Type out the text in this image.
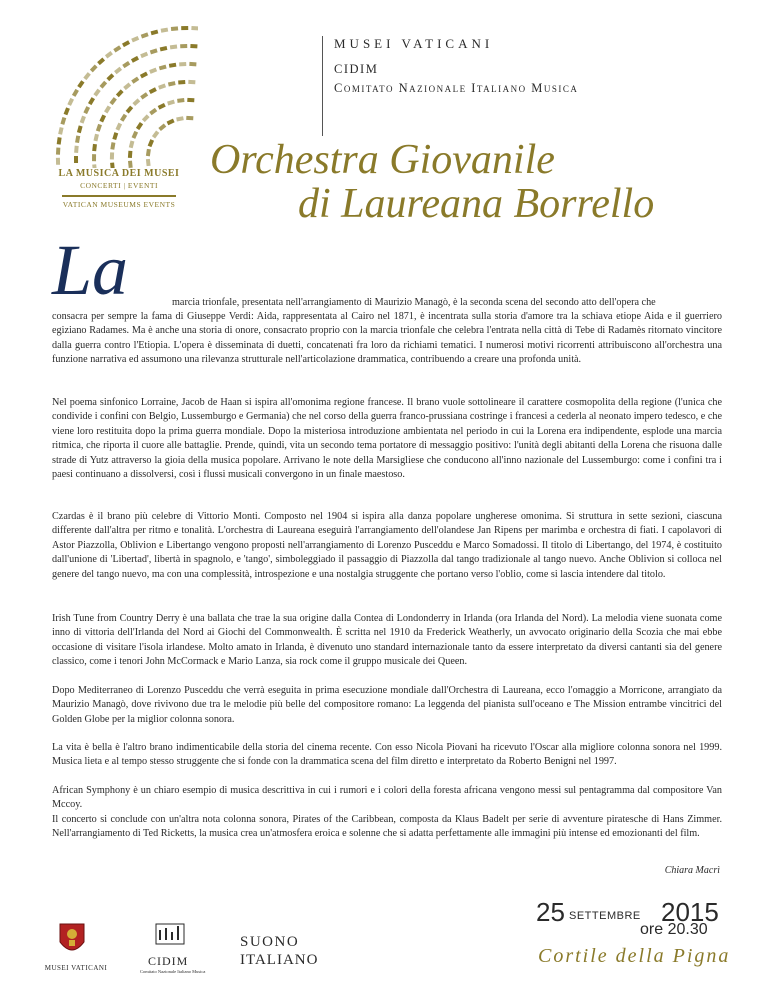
LA MUSICA DEI MUSEI
CONCERTI | EVENTI
VATICAN MUSEUMS EVENTS
MUSEI VATICANI
CIDIM
Comitato Nazionale Italiano Musica
Orchestra Giovanile
di Laureana Borrello
La	marcia trionfale, presentata nell'arrangiamento di Maurizio Managò, è la seconda scena del secondo atto dell'opera che
consacra per sempre la fama di Giuseppe Verdi: Aida, rappresentata al Cairo nel 1871, è incentrata sulla storia d'amore tra la schiava etiope Aida e il guerriero egiziano Radames. Ma è anche una storia di onore, consacrato proprio con la marcia trionfale che celebra l'entrata nella città di Tebe di Radamès ritornato vincitore dalla guerra contro l'Etiopia. L'opera è disseminata di duetti, concatenati fra loro da richiami tematici. I numerosi motivi ricorrenti attribuiscono all'orchestra una funzione narrativa ed assumono una rilevanza strutturale nell'articolazione drammatica, contribuendo a creare una profonda unità.
Nel poema sinfonico Lorraine, Jacob de Haan si ispira all'omonima regione francese. Il brano vuole sottolineare il carattere cosmopolita della regione (l'unica che condivide i confini con Belgio, Lussemburgo e Germania) che nel corso della guerra franco-prussiana costringe i francesi a cederla al neonato impero tedesco, e che viene loro restituita dopo la prima guerra mondiale. Dopo la misteriosa introduzione ambientata nel periodo in cui la Lorena era indipendente, esplode una marcia ritmica, che riporta il cuore alle battaglie. Prende, quindi, vita un secondo tema portatore di messaggio positivo: l'unità degli abitanti della Lorena che risuona dalle strade di Yutz attraverso la gioia della musica popolare. Arrivano le note della Marsigliese che conducono all'inno nazionale del Lussemburgo: come i confini tra i paesi continuano a dissolversi, così i flussi musicali convergono in un finale maestoso.
Czardas è il brano più celebre di Vittorio Monti. Composto nel 1904 si ispira alla danza popolare ungherese omonima. Si struttura in sette sezioni, ciascuna differente dall'altra per ritmo e tonalità. L'orchestra di Laureana eseguirà l'arrangiamento dell'olandese Jan Ripens per marimba e orchestra di fiati. I capolavori di Astor Piazzolla, Oblivion e Libertango vengono proposti nell'arrangiamento di Lorenzo Pusceddu e Marco Somadossi. Il titolo di Libertango, del 1974, è costituito dall'unione di 'Libertad', libertà in spagnolo, e 'tango', simboleggiado il passaggio di Piazzolla dal tango tradizionale al tango nuevo. Anche Oblivion si colloca nel genere del tango nuevo, ma con una complessità, introspezione e una nostalgia struggente che portano verso l'oblio, come si lascia intendere dal titolo.
Irish Tune from Country Derry è una ballata che trae la sua origine dalla Contea di Londonderry in Irlanda (ora Irlanda del Nord). La melodia viene suonata come inno di vittoria dell'Irlanda del Nord ai Giochi del Commonwealth. È scritta nel 1910 da Frederick Weatherly, un avvocato originario della Scozia che mai ebbe occasione di visitare l'isola irlandese. Molto amato in Irlanda, è divenuto uno standard internazionale tanto da essere interpretato da diversi cantanti sia del genere classico, come i tenori John McCormack e Mario Lanza, sia rock come il gruppo musicale dei Queen.
Dopo Mediterraneo di Lorenzo Pusceddu che verrà eseguita in prima esecuzione mondiale dall'Orchestra di Laureana, ecco l'omaggio a Morricone, arrangiato da Maurizio Managò, dove rivivono due tra le melodie più belle del compositore romano: La leggenda del pianista sull'oceano e The Mission entrambe vincitrici del Golden Globe per la miglior colonna sonora.
La vita è bella è l'altro brano indimenticabile della storia del cinema recente. Con esso Nicola Piovani ha ricevuto l'Oscar alla migliore colonna sonora nel 1999. Musica lieta e al tempo stesso struggente che si fonde con la drammatica scena del film diretto e interpretato da Roberto Benigni nel 1997.
African Symphony è un chiaro esempio di musica descrittiva in cui i rumori e i colori della foresta africana vengono messi sul pentagramma dal compositore Van Mccoy.
Il concerto si conclude con un'altra nota colonna sonora, Pirates of the Caribbean, composta da Klaus Badelt per serie di avventure piratesche di Hans Zimmer. Nell'arrangiamento di Ted Ricketts, la musica crea un'atmosfera eroica e solenne che si adatta perfettamente alle immagini più intense ed emozionanti del film.
Chiara Macrì
25 SETTEMBRE 2015
ore 20.30
Cortile della Pigna
MUSEI VATICANI	CIDIM
Comitato Nazionale Italiano Musica
SUONO
ITALIANO
